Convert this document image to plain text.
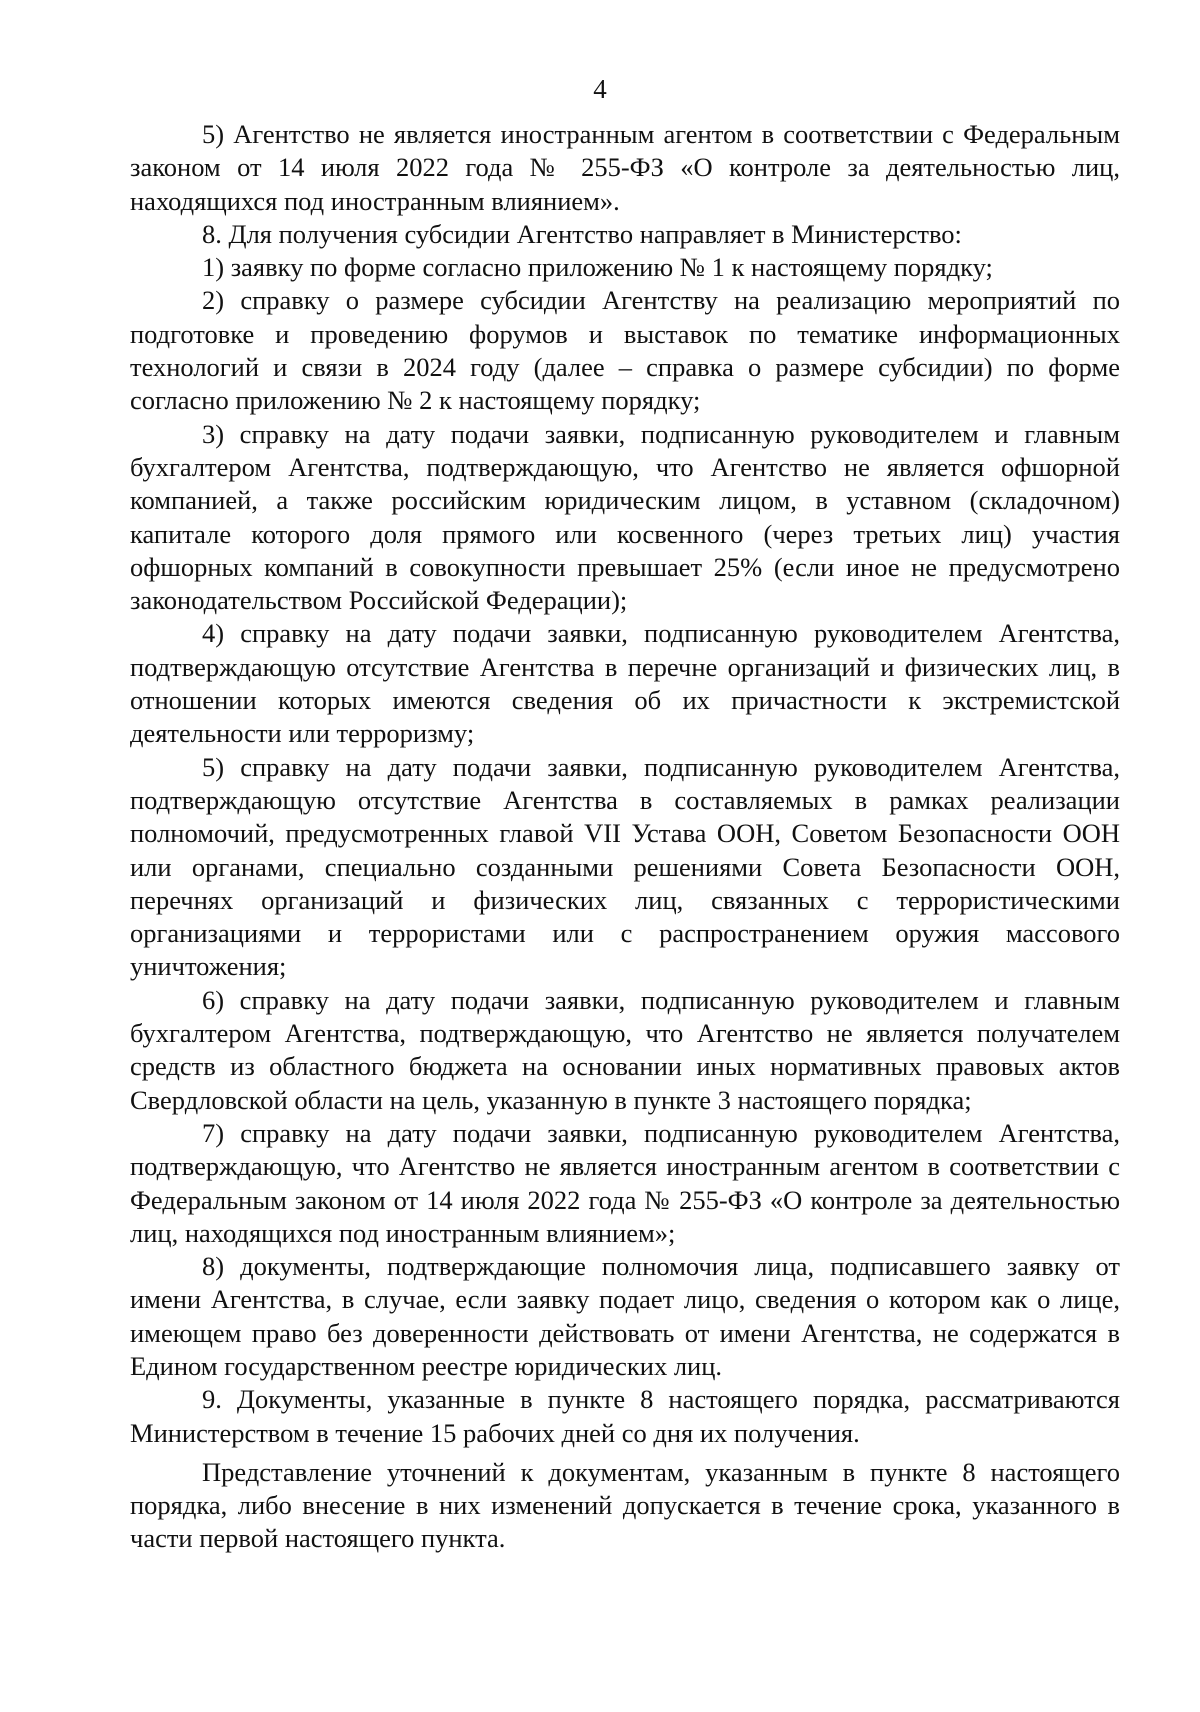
4

5) Агентство не является иностранным агентом в соответствии с Федеральным законом от 14 июля 2022 года № 255-ФЗ «О контроле за деятельностью лиц, находящихся под иностранным влиянием».

8. Для получения субсидии Агентство направляет в Министерство:

1) заявку по форме согласно приложению № 1 к настоящему порядку;

2) справку о размере субсидии Агентству на реализацию мероприятий по подготовке и проведению форумов и выставок по тематике информационных технологий и связи в 2024 году (далее – справка о размере субсидии) по форме согласно приложению № 2 к настоящему порядку;

3) справку на дату подачи заявки, подписанную руководителем и главным бухгалтером Агентства, подтверждающую, что Агентство не является офшорной компанией, а также российским юридическим лицом, в уставном (складочном) капитале которого доля прямого или косвенного (через третьих лиц) участия офшорных компаний в совокупности превышает 25% (если иное не предусмотрено законодательством Российской Федерации);

4) справку на дату подачи заявки, подписанную руководителем Агентства, подтверждающую отсутствие Агентства в перечне организаций и физических лиц, в отношении которых имеются сведения об их причастности к экстремистской деятельности или терроризму;

5) справку на дату подачи заявки, подписанную руководителем Агентства, подтверждающую отсутствие Агентства в составляемых в рамках реализации полномочий, предусмотренных главой VII Устава ООН, Советом Безопасности ООН или органами, специально созданными решениями Совета Безопасности ООН, перечнях организаций и физических лиц, связанных с террористическими организациями и террористами или с распространением оружия массового уничтожения;

6) справку на дату подачи заявки, подписанную руководителем и главным бухгалтером Агентства, подтверждающую, что Агентство не является получателем средств из областного бюджета на основании иных нормативных правовых актов Свердловской области на цель, указанную в пункте 3 настоящего порядка;

7) справку на дату подачи заявки, подписанную руководителем Агентства, подтверждающую, что Агентство не является иностранным агентом в соответствии с Федеральным законом от 14 июля 2022 года № 255-ФЗ «О контроле за деятельностью лиц, находящихся под иностранным влиянием»;

8) документы, подтверждающие полномочия лица, подписавшего заявку от имени Агентства, в случае, если заявку подает лицо, сведения о котором как о лице, имеющем право без доверенности действовать от имени Агентства, не содержатся в Едином государственном реестре юридических лиц.

9. Документы, указанные в пункте 8 настоящего порядка, рассматриваются Министерством в течение 15 рабочих дней со дня их получения.

Представление уточнений к документам, указанным в пункте 8 настоящего порядка, либо внесение в них изменений допускается в течение срока, указанного в части первой настоящего пункта.
